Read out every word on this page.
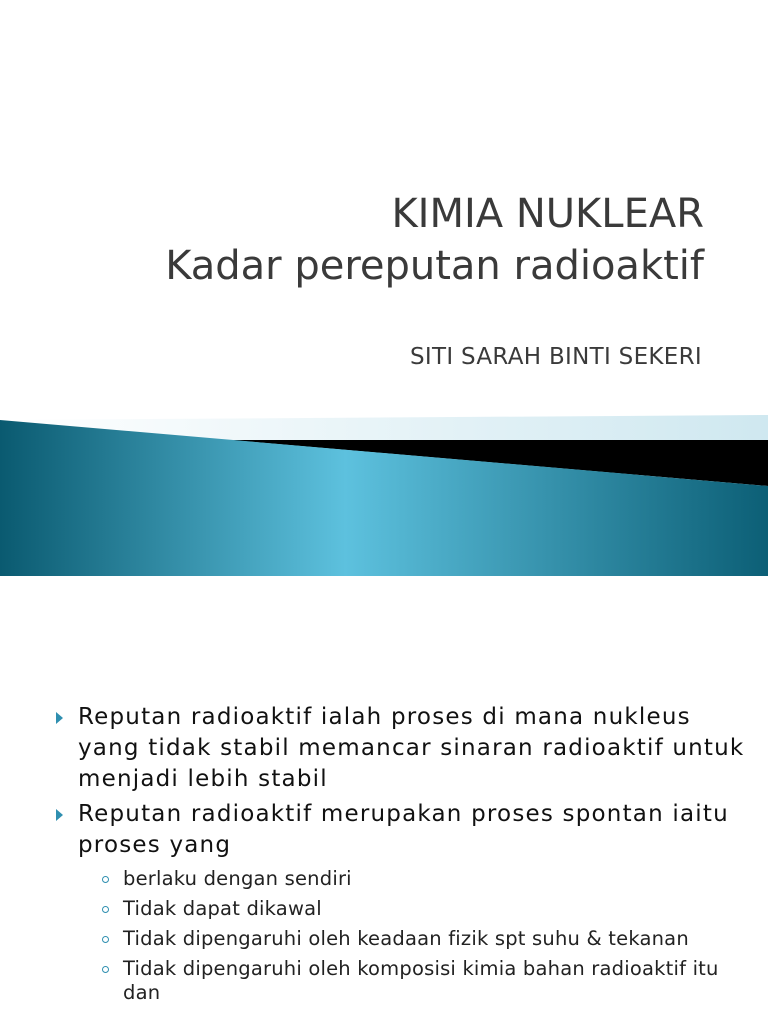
KIMIA NUKLEAR
Kadar pereputan radioaktif
SITI SARAH BINTI SEKERI
Reputan radioaktif ialah proses di mana nukleus yang tidak stabil memancar sinaran radioaktif untuk menjadi lebih stabil
Reputan radioaktif merupakan proses spontan iaitu proses yang
berlaku dengan sendiri
Tidak dapat dikawal
Tidak dipengaruhi oleh keadaan fizik spt suhu & tekanan
Tidak dipengaruhi oleh komposisi kimia bahan radioaktif itu dan
